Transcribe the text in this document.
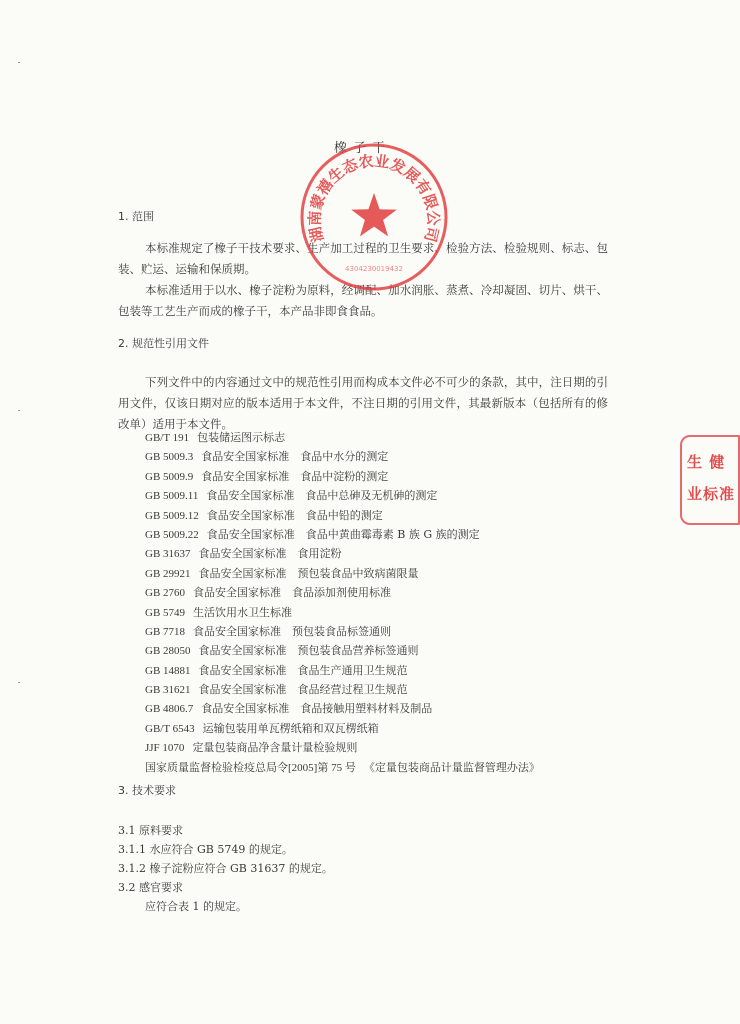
橡子干
1. 范围
本标准规定了橡子干技术要求、生产加工过程的卫生要求、检验方法、检验规则、标志、包装、贮运、运输和保质期。
本标准适用于以水、橡子淀粉为原料，经调配、加水润胀、蒸煮、冷却凝固、切片、烘干、包装等工艺生产而成的橡子干，本产品非即食食品。
2. 规范性引用文件
下列文件中的内容通过文中的规范性引用而构成本文件必不可少的条款，其中，注日期的引用文件，仅该日期对应的版本适用于本文件，不注日期的引用文件，其最新版本（包括所有的修改单）适用于本文件。
GB/T 191 包装储运图示标志
GB 5009.3 食品安全国家标准　食品中水分的测定
GB 5009.9 食品安全国家标准　食品中淀粉的测定
GB 5009.11 食品安全国家标准　食品中总砷及无机砷的测定
GB 5009.12 食品安全国家标准　食品中铅的测定
GB 5009.22 食品安全国家标准　食品中黄曲霉毒素 B 族 G 族的测定
GB 31637 食品安全国家标准　食用淀粉
GB 29921 食品安全国家标准　预包装食品中致病菌限量
GB 2760 食品安全国家标准　食品添加剂使用标准
GB 5749 生活饮用水卫生标准
GB 7718 食品安全国家标准　预包装食品标签通则
GB 28050 食品安全国家标准　预包装食品营养标签通则
GB 14881 食品安全国家标准　食品生产通用卫生规范
GB 31621 食品安全国家标准　食品经营过程卫生规范
GB 4806.7 食品安全国家标准　食品接触用塑料材料及制品
GB/T 6543 运输包装用单瓦楞纸箱和双瓦楞纸箱
JJF 1070 定量包装商品净含量计量检验规则
国家质量监督检验检疫总局令[2005]第 75 号 《定量包装商品计量监督管理办法》
3. 技术要求
3.1 原料要求
3.1.1 水应符合 GB 5749 的规定。
3.1.2 橡子淀粉应符合 GB 31637 的规定。
3.2 感官要求
应符合表 1 的规定。
湖南蒙禧生态农业发展有限公司
4304230019432
生 健
业标准
